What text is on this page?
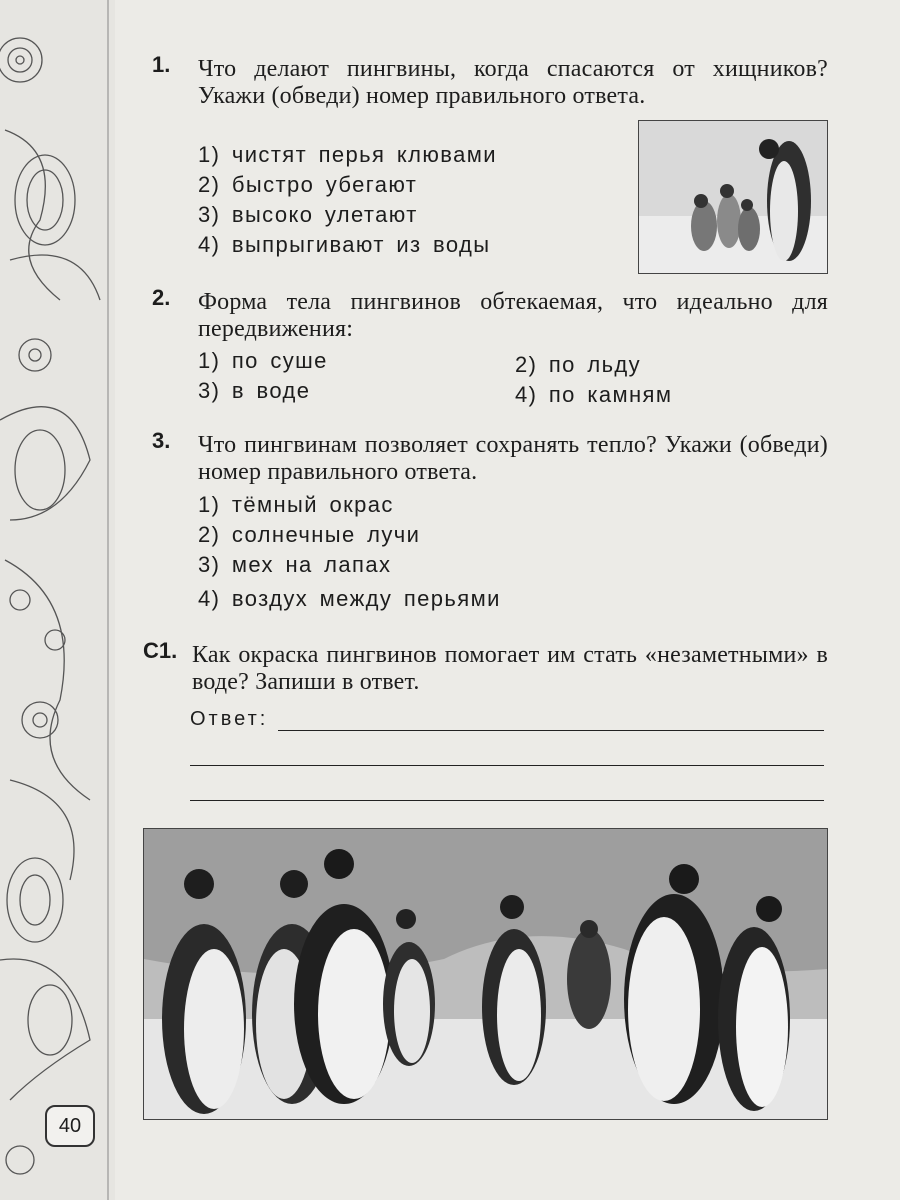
1. Что делают пингвины, когда спасаются от хищников? Укажи (обведи) номер правильного ответа.
1) чистят перья клювами
2) быстро убегают
3) высоко улетают
4) выпрыгивают из воды
2. Форма тела пингвинов обтекаемая, что идеально для передвижения:
1) по суше	2) по льду
3) в воде	4) по камням
3. Что пингвинам позволяет сохранять тепло? Укажи (обведи) номер правильного ответа.
1) тёмный окрас
2) солнечные лучи
3) мех на лапах
4) воздух между перьями
С1. Как окраска пингвинов помогает им стать «незаметными» в воде? Запиши в ответ.
Ответ:
40
